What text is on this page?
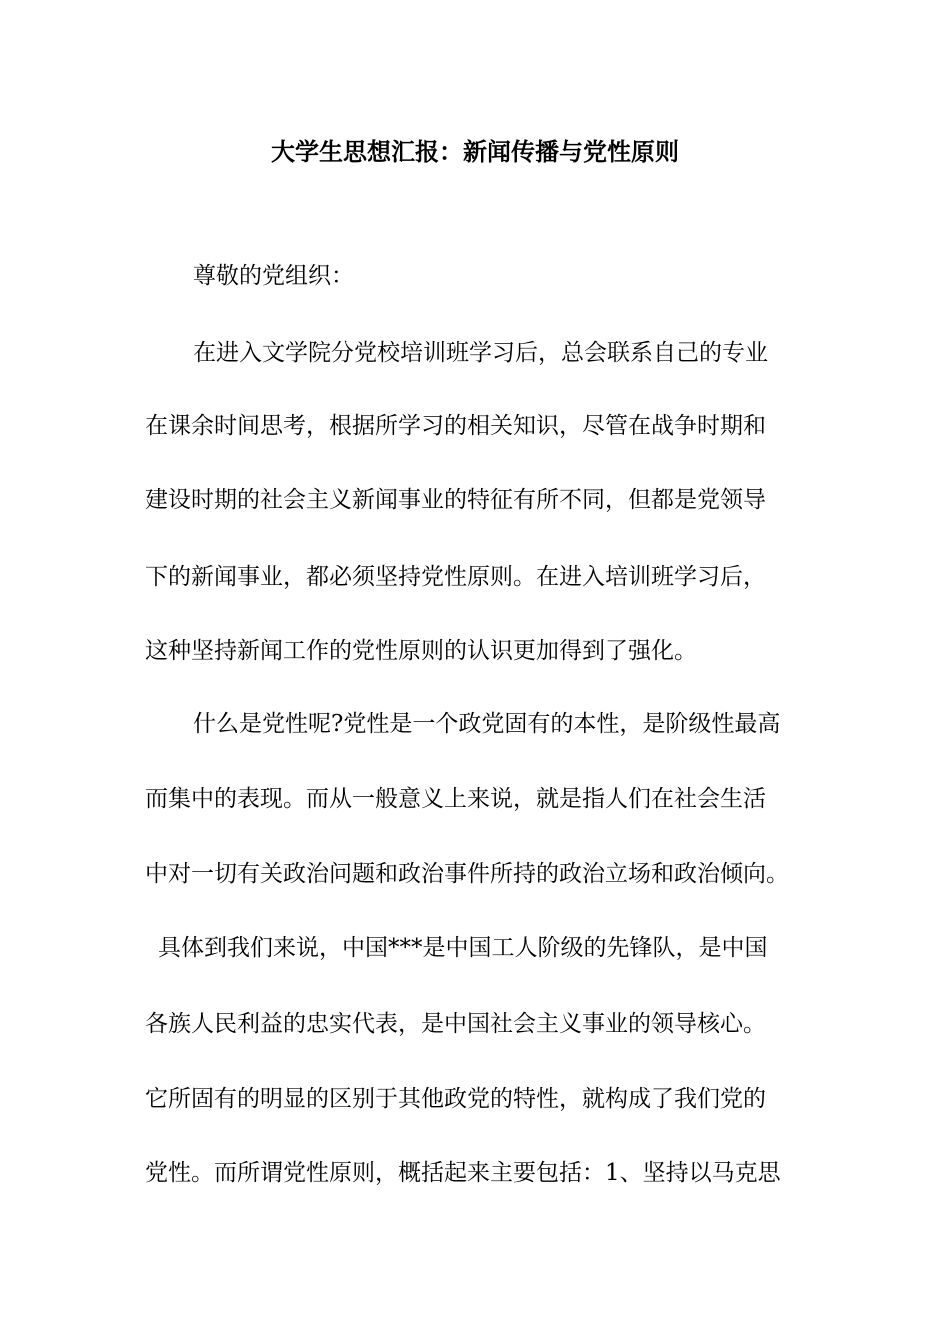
大学生思想汇报：新闻传播与党性原则
尊敬的党组织：
在进入文学院分党校培训班学习后，总会联系自己的专业
在课余时间思考，根据所学习的相关知识，尽管在战争时期和
建设时期的社会主义新闻事业的特征有所不同，但都是党领导
下的新闻事业，都必须坚持党性原则。在进入培训班学习后，
这种坚持新闻工作的党性原则的认识更加得到了强化。
什么是党性呢?党性是一个政党固有的本性，是阶级性最高
而集中的表现。而从一般意义上来说，就是指人们在社会生活
中对一切有关政治问题和政治事件所持的政治立场和政治倾向。
具体到我们来说，中国***是中国工人阶级的先锋队，是中国
各族人民利益的忠实代表，是中国社会主义事业的领导核心。
它所固有的明显的区别于其他政党的特性，就构成了我们党的
党性。而所谓党性原则，概括起来主要包括：1、坚持以马克思
